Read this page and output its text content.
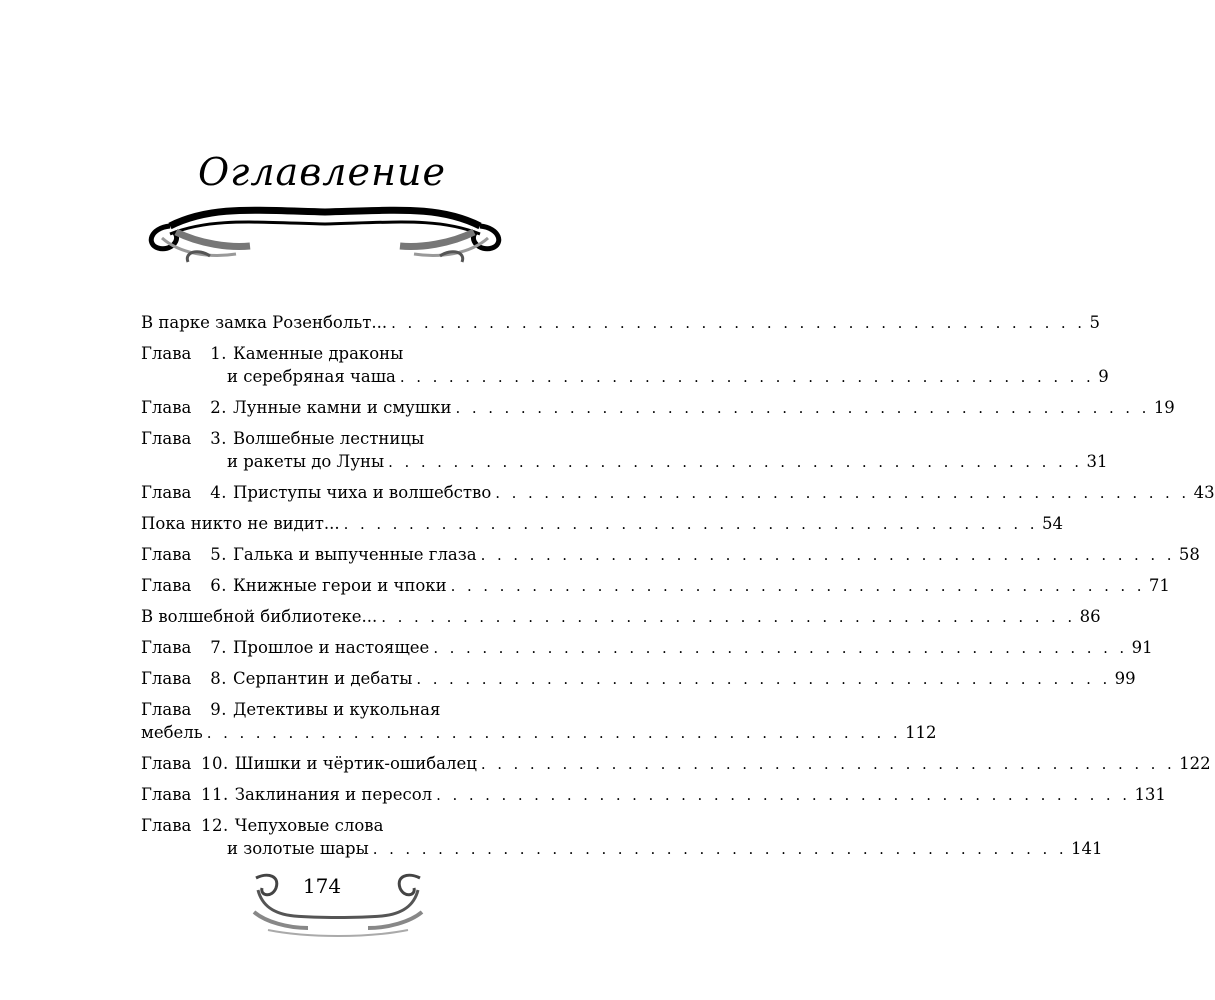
Оглавление
В парке замка Розенбольт... . . . . . . . . . . . . . . . . . . . . . . . . . . . . . . . . . . . . . . . . . . . 5
Глава	1. Каменные драконы
и серебряная чаша . . . . . . . . . . . . . . . . . . . . . . . . . . . . . . . . . . . . . . . . . . . 9
Глава	2. Лунные камни и смушки . . . . . . . . . . . . . . . . . . . . . . . . . . . . . . . . . . . . . . . . . . . 19
Глава	3. Волшебные лестницы
и ракеты до Луны . . . . . . . . . . . . . . . . . . . . . . . . . . . . . . . . . . . . . . . . . . . 31
Глава	4. Приступы чиха и волшебство . . . . . . . . . . . . . . . . . . . . . . . . . . . . . . . . . . . . . . . . . . . 43
Пока никто не видит... . . . . . . . . . . . . . . . . . . . . . . . . . . . . . . . . . . . . . . . . . . . 54
Глава	5. Галька и выпученные глаза . . . . . . . . . . . . . . . . . . . . . . . . . . . . . . . . . . . . . . . . . . . 58
Глава	6. Книжные герои и чпоки . . . . . . . . . . . . . . . . . . . . . . . . . . . . . . . . . . . . . . . . . . . 71
В волшебной библиотеке... . . . . . . . . . . . . . . . . . . . . . . . . . . . . . . . . . . . . . . . . . . . 86
Глава	7. Прошлое и настоящее . . . . . . . . . . . . . . . . . . . . . . . . . . . . . . . . . . . . . . . . . . . 91
Глава	8. Серпантин и дебаты . . . . . . . . . . . . . . . . . . . . . . . . . . . . . . . . . . . . . . . . . . . 99
Глава	9. Детективы и кукольная
мебель . . . . . . . . . . . . . . . . . . . . . . . . . . . . . . . . . . . . . . . . . . . 112
Глава 10. Шишки и чёртик-ошибалец . . . . . . . . . . . . . . . . . . . . . . . . . . . . . . . . . . . . . . . . . . . 122
Глава 11. Заклинания и пересол . . . . . . . . . . . . . . . . . . . . . . . . . . . . . . . . . . . . . . . . . . . 131
Глава 12. Чепуховые слова
и золотые шары . . . . . . . . . . . . . . . . . . . . . . . . . . . . . . . . . . . . . . . . . . . 141
174
